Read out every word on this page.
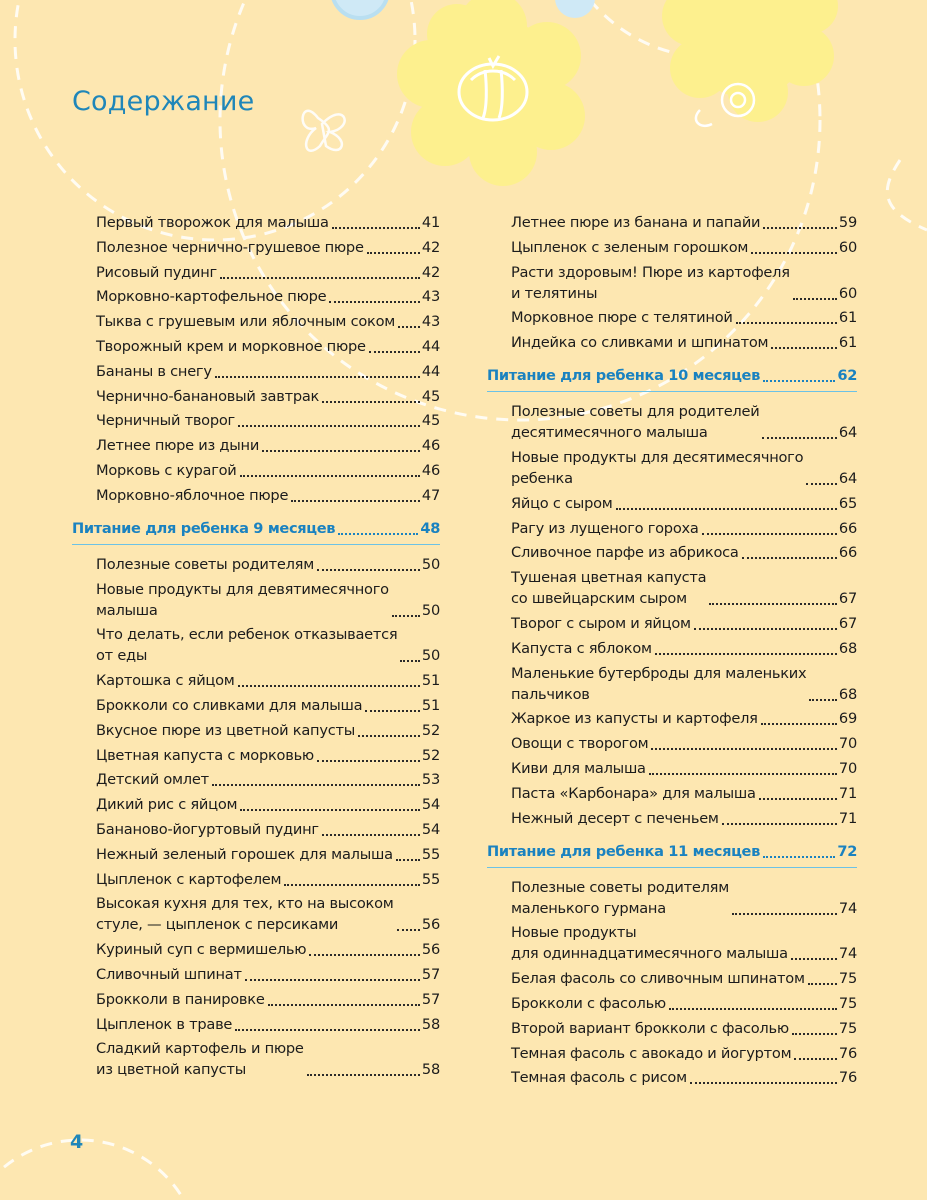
Содержание
Первый творожок для малыша	41
Полезное чернично-грушевое пюре	42
Рисовый пудинг	42
Морковно-картофельное пюре	43
Тыква с грушевым или яблочным соком 43
Творожный крем и морковное пюре	44
Бананы в снегу	44
Чернично-банановый завтрак	45
Черничный творог	45
Летнее пюре из дыни	46
Морковь с курагой	46
Морковно-яблочное пюре	47
Питание для ребенка 9 месяцев	48
Полезные советы родителям	50
Новые продукты для девятимесячного
малыша	50
Что делать, если ребенок отказывается
от еды	50
Картошка с яйцом	51
Брокколи со сливками для малыша	51
Вкусное пюре из цветной капусты	52
Цветная капуста с морковью	52
Детский омлет	53
Дикий рис с яйцом	54
Бананово-йогуртовый пудинг	54
Нежный зеленый горошек для малыша 55
Цыпленок с картофелем	55
Высокая кухня для тех, кто на высоком
стуле, — цыпленок с персиками	56
Куриный суп с вермишелью	56
Сливочный шпинат	57
Брокколи в панировке	57
Цыпленок в траве	58
Сладкий картофель и пюре
из цветной капусты	58
Летнее пюре из банана и папайи	59
Цыпленок с зеленым горошком	60
Расти здоровым! Пюре из картофеля
и телятины	60
Морковное пюре с телятиной	61
Индейка со сливками и шпинатом	61
Питание для ребенка 10 месяцев	62
Полезные советы для родителей
десятимесячного малыша	64
Новые продукты для десятимесячного
ребенка	64
Яйцо с сыром	65
Рагу из лущеного гороха	66
Сливочное парфе из абрикоса	66
Тушеная цветная капуста
со швейцарским сыром	67
Творог с сыром и яйцом	67
Капуста с яблоком	68
Маленькие бутерброды для маленьких
пальчиков	68
Жаркое из капусты и картофеля	69
Овощи с творогом	70
Киви для малыша	70
Паста «Карбонара» для малыша	71
Нежный десерт с печеньем	71
Питание для ребенка 11 месяцев	72
Полезные советы родителям
маленького гурмана	74
Новые продукты
для одиннадцатимесячного малыша	74
Белая фасоль со сливочным шпинатом 75
Брокколи с фасолью	75
Второй вариант брокколи с фасолью	75
Темная фасоль с авокадо и йогуртом	76
Темная фасоль с рисом	76
4
